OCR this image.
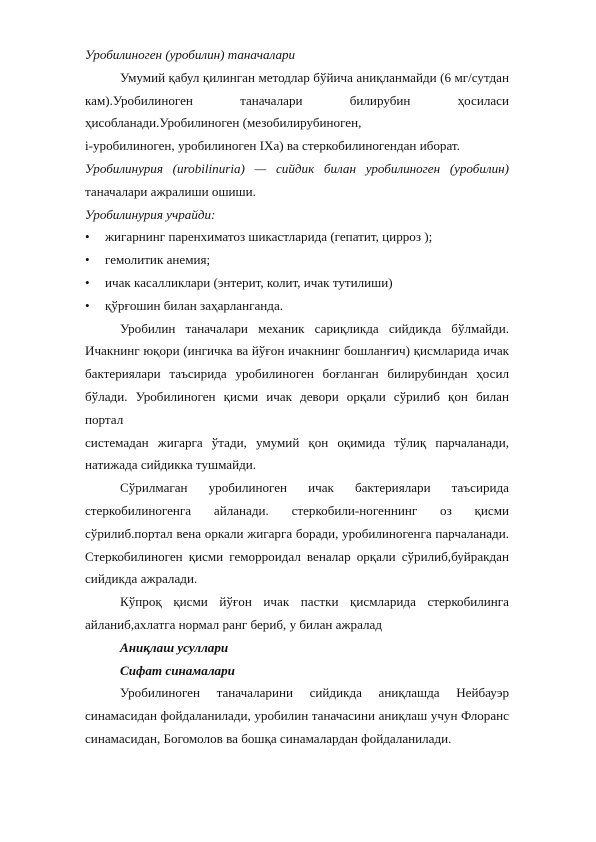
Уробилиноген (уробилин) таначалари

Умумий қабул қилинган методлар бўйича аниқланмайди (6 мг/сутдан

кам).Уробилиноген таначалари билирубин ҳосиласи

ҳисобланади.Уробилиноген (мезобилирубиноген,

i-уробилиноген, уробилиноген IXa) ва стеркобилиногендан иборат.

Уробилинурия (urobilinuria) — сийдик билан уробилиноген (уробилин)

таначалари ажралиши ошиши.

Уробилинурия учрайди:

• жигарнинг паренхиматоз шикастларида (гепатит, цирроз );
• гемолитик анемия;
• ичак касалликлари (энтерит, колит, ичак тутилиши)
• қўрғошин билан заҳарланганда.

Уробилин таначалари механик сариқликда сийдикда бўлмайди.

Ичакнинг юқори (ингичка ва йўғон ичакнинг бошланғич) қисмларида ичак

бактериялари таъсирида уробилиноген боғланган билирубиндан ҳосил

бўлади. Уробилиноген қисми ичак девори орқали сўрилиб қон билан портал

системадан жигарга ўтади, умумий қон оқимида тўлиқ парчаланади,

натижада сийдикка тушмайди.

Сўрилмаган уробилиноген ичак бактериялари таъсирида

стеркобилиногенга айланади. стеркобили-ногеннинг оз қисми

сўрилиб.портал вена оркали жигарга боради, уробилиногенга парчаланади.

Стеркобилиноген қисми геморроидал веналар орқали сўрилиб,буйракдан

сийдикда ажралади.

Кўпроқ қисми йўғон ичак пастки қисмларида стеркобилинга

айланиб,ахлатга нормал ранг бериб, у билан ажралад

Аниқлаш усуллари

Сифат синамалари

Уробилиноген таначаларини сийдикда аниқлашда Нейбауэр

синамасидан фойдаланилади, уробилин таначасини аниқлаш учун Флоранс

синамасидан, Богомолов ва бошқа синамалардан фойдаланилади.
